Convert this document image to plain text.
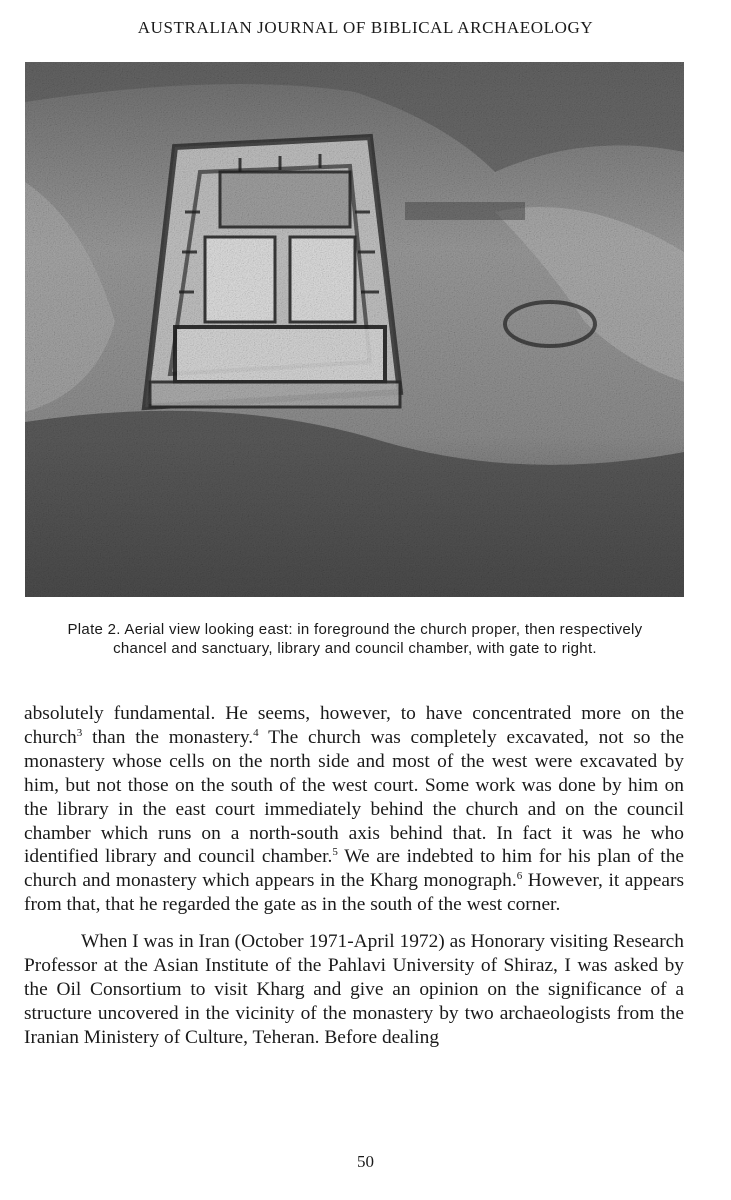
AUSTRALIAN JOURNAL OF BIBLICAL ARCHAEOLOGY
Plate 2. Aerial view looking east: in foreground the church proper, then respectively chancel and sanctuary, library and council chamber, with gate to right.

absolutely fundamental. He seems, however, to have concentrated more on the church$^3$ than the monastery.$^4$ The church was completely excavated, not so the monastery whose cells on the north side and most of the west were excavated by him, but not those on the south of the west court. Some work was done by him on the library in the east court immediately behind the church and on the council chamber which runs on a north-south axis behind that. In fact it was he who identified library and council chamber.$^5$ We are indebted to him for his plan of the church and monastery which appears in the Kharg monograph.$^6$ However, it appears from that, that he regarded the gate as in the south of the west corner.

When I was in Iran (October 1971-April 1972) as Honorary visiting Research Professor at the Asian Institute of the Pahlavi University of Shiraz, I was asked by the Oil Consortium to visit Kharg and give an opinion on the significance of a structure uncovered in the vicinity of the monastery by two archaeologists from the Iranian Ministery of Culture, Teheran. Before dealing

50
